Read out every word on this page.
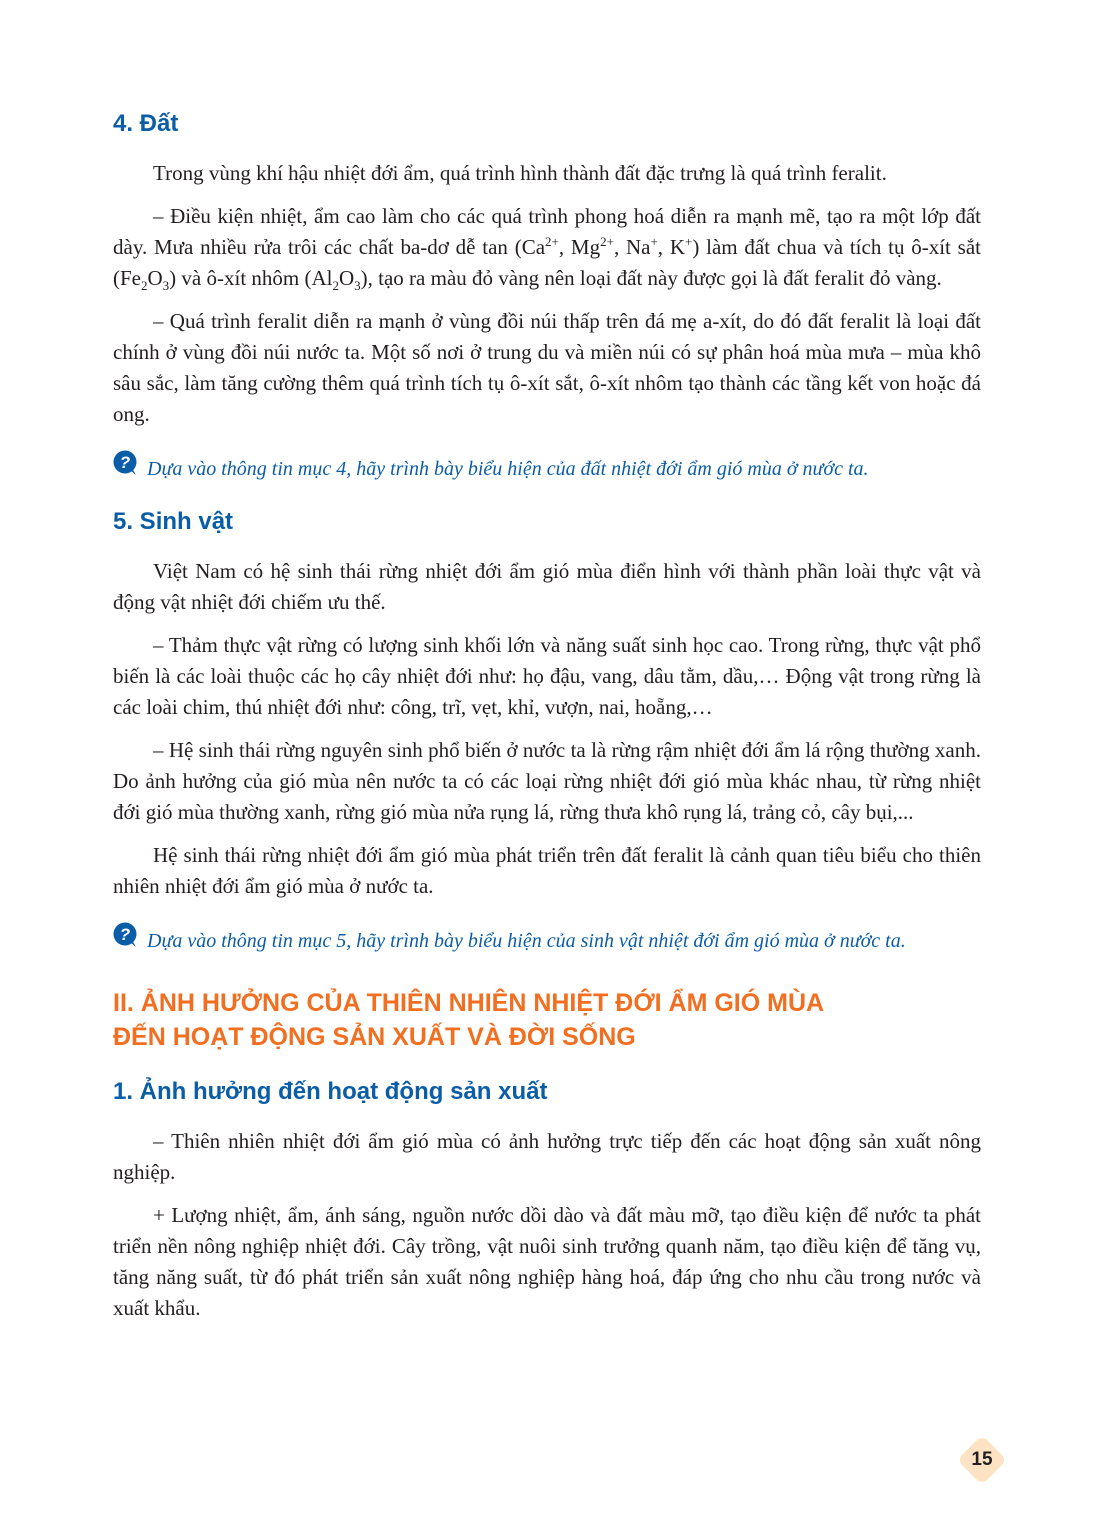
4. Đất

Trong vùng khí hậu nhiệt đới ẩm, quá trình hình thành đất đặc trưng là quá trình feralit.

– Điều kiện nhiệt, ẩm cao làm cho các quá trình phong hoá diễn ra mạnh mẽ, tạo ra một lớp đất dày. Mưa nhiều rửa trôi các chất ba-dơ dễ $\tan (Ca^{2+}$, $Mg^{2+}$, Na+, K+) làm đất chua và tích tụ ô-xít sắt $(Fe_2O_3)$ và ô-xít nhôm $(Al_2O_3)$, tạo ra màu đỏ vàng nên loại đất này được gọi là đất feralit đỏ vàng.

– Quá trình feralit diễn ra mạnh ở vùng đồi núi thấp trên đá mẹ a-xít, do đó đất feralit là loại đất chính ở vùng đồi núi nước ta. Một số nơi ở trung du và miền núi có sự phân hoá mùa mưa – mùa khô sâu sắc, làm tăng cường thêm quá trình tích tụ ô-xít sắt, ô-xít nhôm tạo thành các tầng kết von hoặc đá ong.

? Dựa vào thông tin mục 4, hãy trình bày biểu hiện của đất nhiệt đới ẩm gió mùa ở nước ta.
5. Sinh vật

Việt Nam có hệ sinh thái rừng nhiệt đới ẩm gió mùa điển hình với thành phần loài thực vật và động vật nhiệt đới chiếm ưu thế.

– Thảm thực vật rừng có lượng sinh khối lớn và năng suất sinh học cao. Trong rừng, thực vật phổ biến là các loài thuộc các họ cây nhiệt đới như: họ đậu, vang, dâu tằm, dầu,… Động vật trong rừng là các loài chim, thú nhiệt đới như: công, trĩ, vẹt, khỉ, vượn, nai, hoẵng,…

– Hệ sinh thái rừng nguyên sinh phổ biến ở nước ta là rừng rậm nhiệt đới ẩm lá rộng thường xanh. Do ảnh hưởng của gió mùa nên nước ta có các loại rừng nhiệt đới gió mùa khác nhau, từ rừng nhiệt đới gió mùa thường xanh, rừng gió mùa nửa rụng lá, rừng thưa khô rụng lá, trảng cỏ, cây bụi,...

Hệ sinh thái rừng nhiệt đới ẩm gió mùa phát triển trên đất feralit là cảnh quan tiêu biểu cho thiên nhiên nhiệt đới ẩm gió mùa ở nước ta.

? Dựa vào thông tin mục 5, hãy trình bày biểu hiện của sinh vật nhiệt đới ẩm gió mùa ở nước ta.
II. ẢNH HƯỞNG CỦA THIÊN NHIÊN NHIỆT ĐỚI ẨM GIÓ MÙA
ĐẾN HOẠT ĐỘNG SẢN XUẤT VÀ ĐỜI SỐNG
1. Ảnh hưởng đến hoạt động sản xuất

– Thiên nhiên nhiệt đới ẩm gió mùa có ảnh hưởng trực tiếp đến các hoạt động sản xuất nông nghiệp.

+ Lượng nhiệt, ẩm, ánh sáng, nguồn nước dồi dào và đất màu mỡ, tạo điều kiện để nước ta phát triển nền nông nghiệp nhiệt đới. Cây trồng, vật nuôi sinh trưởng quanh năm, tạo điều kiện để tăng vụ, tăng năng suất, từ đó phát triển sản xuất nông nghiệp hàng hoá, đáp ứng cho nhu cầu trong nước và xuất khẩu.

15
